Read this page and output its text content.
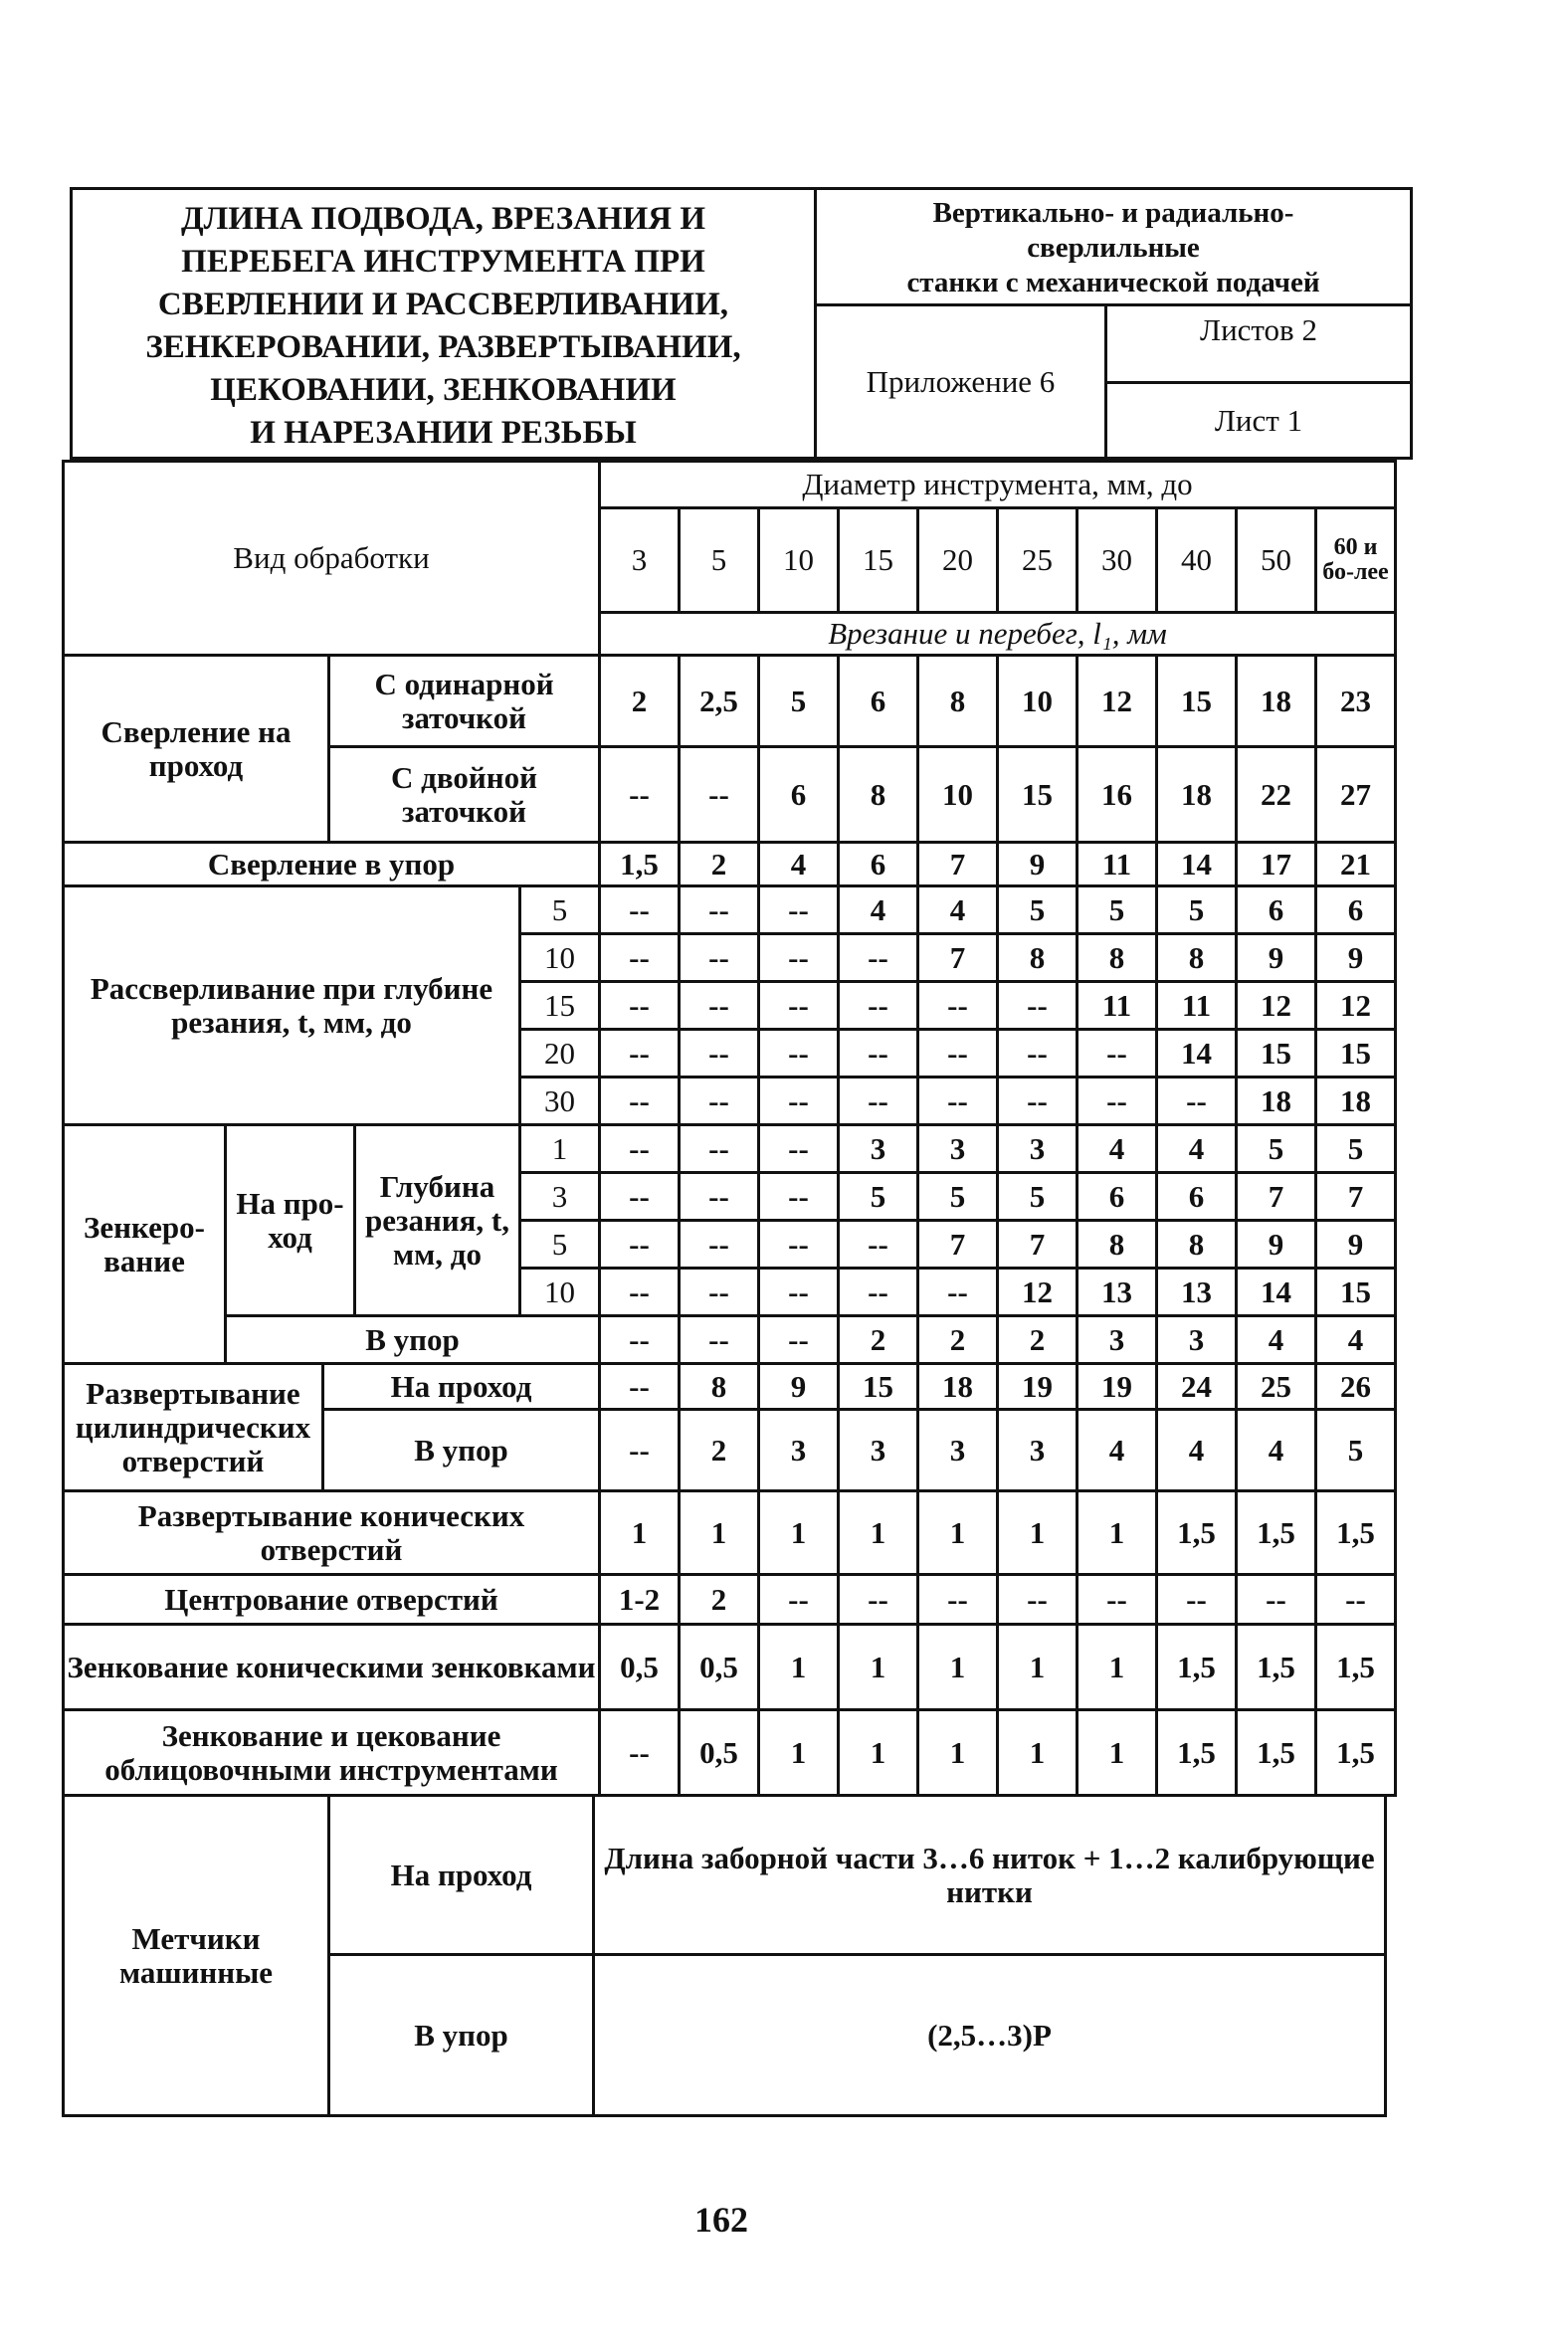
ДЛИНА ПОДВОДА, ВРЕЗАНИЯ И
ПЕРЕБЕГА ИНСТРУМЕНТА ПРИ
СВЕРЛЕНИИ И РАССВЕРЛИВАНИИ,
ЗЕНКЕРОВАНИИ, РАЗВЕРТЫВАНИИ,
ЦЕКОВАНИИ, ЗЕНКОВАНИИ
И НАРЕЗАНИИ РЕЗЬБЫ
Вертикально- и радиально-
сверлильные
станки с механической подачей
Приложение 6
Листов 2
Лист 1
Вид обработки
Диаметр инструмента, мм, до
3	5	10	15	20	25	30	40	50	60 и бо-лее
Врезание и перебег, l₁, мм
Сверление на проход
С одинарной заточкой	2	2,5	5	6	8	10	12	15	18	23
С двойной заточкой	--	--	6	8	10	15	16	18	22	27
Сверление в упор	1,5	2	4	6	7	9	11	14	17	21
Рассверливание при глубине резания, t, мм, до
5	--	--	--	4	4	5	5	5	6	6
10	--	--	--	--	7	8	8	8	9	9
15	--	--	--	--	--	--	11	11	12	12
20	--	--	--	--	--	--	--	14	15	15
30	--	--	--	--	--	--	--	--	18	18
Зенкеро-вание
На про-ход
Глубина резания, t, мм, до
1	--	--	--	3	3	3	4	4	5	5
3	--	--	--	5	5	5	6	6	7	7
5	--	--	--	--	7	7	8	8	9	9
10	--	--	--	--	--	12	13	13	14	15
В упор	--	--	--	2	2	2	3	3	4	4
Развертывание цилиндрических отверстий
На проход	--	8	9	15	18	19	19	24	25	26
В упор	--	2	3	3	3	3	4	4	4	5
Развертывание конических отверстий	1	1	1	1	1	1	1	1,5	1,5	1,5
Центрование отверстий	1-2	2	--	--	--	--	--	--	--	--
Зенкование коническими зенковками 0,5	0,5	1	1	1	1	1	1,5	1,5	1,5
Зенкование и цекование облицовочными инструментами	--	0,5	1	1	1	1	1	1,5	1,5	1,5
Метчики машинные
На проход	Длина заборной части 3…6 ниток + 1…2 калибрующие нитки
В упор	(2,5…3)P
162
